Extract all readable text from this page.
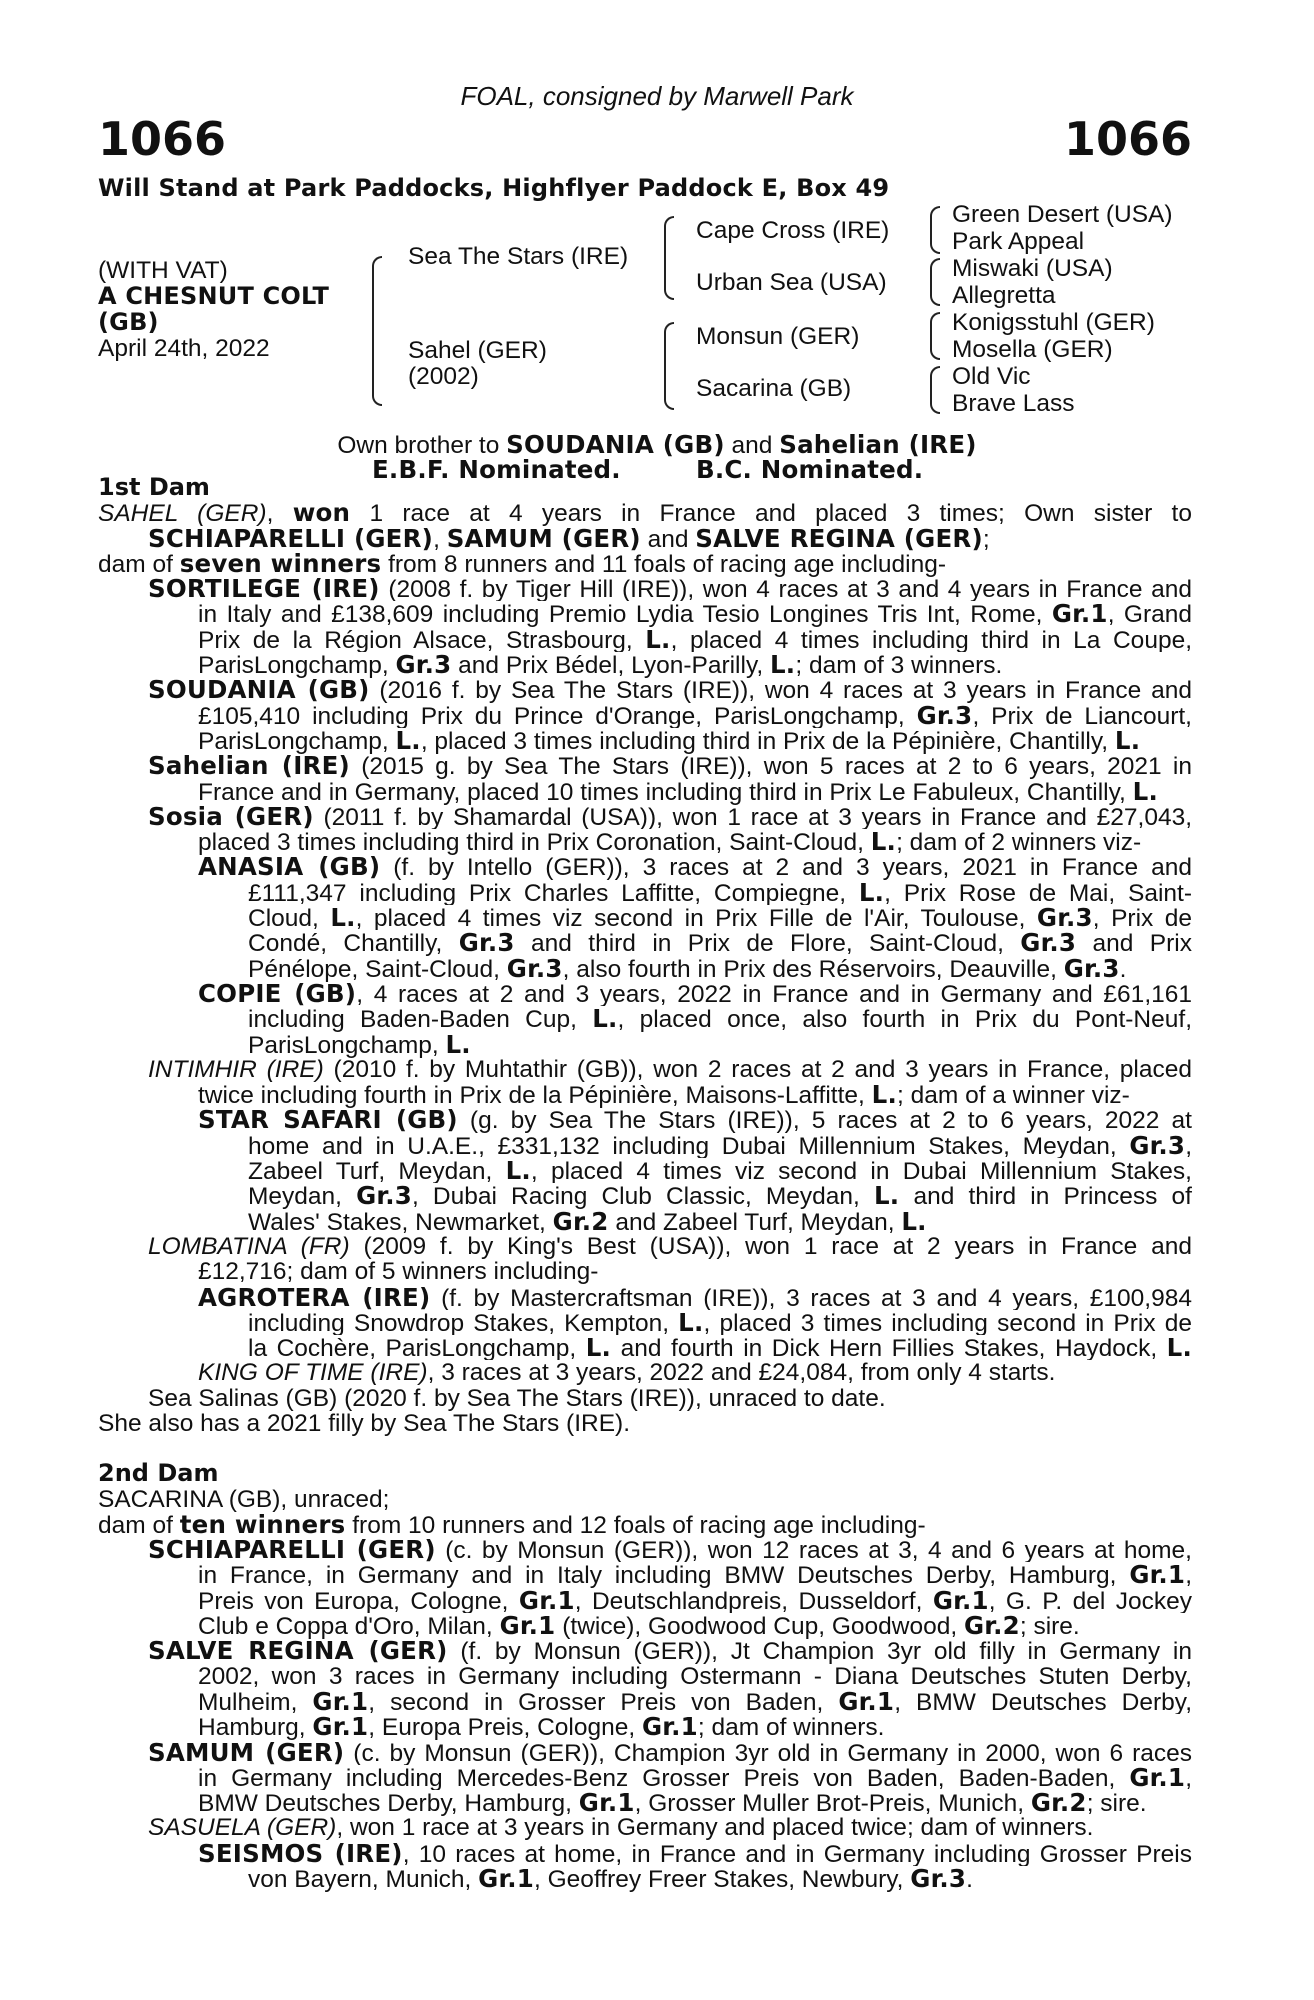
FOAL, consigned by Marwell Park
1066	1066
Will Stand at Park Paddocks, Highflyer Paddock E, Box 49
(WITH VAT)
A CHESNUT COLT
(GB)
April 24th, 2022
Sea The Stars (IRE)
Sahel (GER)
(2002)
Cape Cross (IRE)
Urban Sea (USA)
Monsun (GER)
Sacarina (GB)
Green Desert (USA)
Park Appeal
Miswaki (USA)
Allegretta
Konigsstuhl (GER)
Mosella (GER)
Old Vic
Brave Lass
Own brother to SOUDANIA (GB) and Sahelian (IRE)
E.B.F. Nominated.	B.C. Nominated.
1st Dam
SAHEL (GER), won 1 race at 4 years in France and placed 3 times; Own sister to
SCHIAPARELLI (GER), SAMUM (GER) and SALVE REGINA (GER);
dam of seven winners from 8 runners and 11 foals of racing age including-
SORTILEGE (IRE) (2008 f. by Tiger Hill (IRE)), won 4 races at 3 and 4 years in France and
in Italy and £138,609 including Premio Lydia Tesio Longines Tris Int, Rome, Gr.1, Grand
Prix de la Région Alsace, Strasbourg, L., placed 4 times including third in La Coupe,
ParisLongchamp, Gr.3 and Prix Bédel, Lyon-Parilly, L.; dam of 3 winners.
SOUDANIA (GB) (2016 f. by Sea The Stars (IRE)), won 4 races at 3 years in France and
£105,410 including Prix du Prince d'Orange, ParisLongchamp, Gr.3, Prix de Liancourt,
ParisLongchamp, L., placed 3 times including third in Prix de la Pépinière, Chantilly, L.
Sahelian (IRE) (2015 g. by Sea The Stars (IRE)), won 5 races at 2 to 6 years, 2021 in
France and in Germany, placed 10 times including third in Prix Le Fabuleux, Chantilly, L.
Sosia (GER) (2011 f. by Shamardal (USA)), won 1 race at 3 years in France and £27,043,
placed 3 times including third in Prix Coronation, Saint-Cloud, L.; dam of 2 winners viz-
ANASIA (GB) (f. by Intello (GER)), 3 races at 2 and 3 years, 2021 in France and
£111,347 including Prix Charles Laffitte, Compiegne, L., Prix Rose de Mai, Saint-
Cloud, L., placed 4 times viz second in Prix Fille de l'Air, Toulouse, Gr.3, Prix de
Condé, Chantilly, Gr.3 and third in Prix de Flore, Saint-Cloud, Gr.3 and Prix
Pénélope, Saint-Cloud, Gr.3, also fourth in Prix des Réservoirs, Deauville, Gr.3.
COPIE (GB), 4 races at 2 and 3 years, 2022 in France and in Germany and £61,161
including Baden-Baden Cup, L., placed once, also fourth in Prix du Pont-Neuf,
ParisLongchamp, L.
INTIMHIR (IRE) (2010 f. by Muhtathir (GB)), won 2 races at 2 and 3 years in France, placed
twice including fourth in Prix de la Pépinière, Maisons-Laffitte, L.; dam of a winner viz-
STAR SAFARI (GB) (g. by Sea The Stars (IRE)), 5 races at 2 to 6 years, 2022 at
home and in U.A.E., £331,132 including Dubai Millennium Stakes, Meydan, Gr.3,
Zabeel Turf, Meydan, L., placed 4 times viz second in Dubai Millennium Stakes,
Meydan, Gr.3, Dubai Racing Club Classic, Meydan, L. and third in Princess of
Wales' Stakes, Newmarket, Gr.2 and Zabeel Turf, Meydan, L.
LOMBATINA (FR) (2009 f. by King's Best (USA)), won 1 race at 2 years in France and
£12,716; dam of 5 winners including-
AGROTERA (IRE) (f. by Mastercraftsman (IRE)), 3 races at 3 and 4 years, £100,984
including Snowdrop Stakes, Kempton, L., placed 3 times including second in Prix de
la Cochère, ParisLongchamp, L. and fourth in Dick Hern Fillies Stakes, Haydock, L.
KING OF TIME (IRE), 3 races at 3 years, 2022 and £24,084, from only 4 starts.
Sea Salinas (GB) (2020 f. by Sea The Stars (IRE)), unraced to date.
She also has a 2021 filly by Sea The Stars (IRE).
2nd Dam
SACARINA (GB), unraced;
dam of ten winners from 10 runners and 12 foals of racing age including-
SCHIAPARELLI (GER) (c. by Monsun (GER)), won 12 races at 3, 4 and 6 years at home,
in France, in Germany and in Italy including BMW Deutsches Derby, Hamburg, Gr.1,
Preis von Europa, Cologne, Gr.1, Deutschlandpreis, Dusseldorf, Gr.1, G. P. del Jockey
Club e Coppa d'Oro, Milan, Gr.1 (twice), Goodwood Cup, Goodwood, Gr.2; sire.
SALVE REGINA (GER) (f. by Monsun (GER)), Jt Champion 3yr old filly in Germany in
2002, won 3 races in Germany including Ostermann - Diana Deutsches Stuten Derby,
Mulheim, Gr.1, second in Grosser Preis von Baden, Gr.1, BMW Deutsches Derby,
Hamburg, Gr.1, Europa Preis, Cologne, Gr.1; dam of winners.
SAMUM (GER) (c. by Monsun (GER)), Champion 3yr old in Germany in 2000, won 6 races
in Germany including Mercedes-Benz Grosser Preis von Baden, Baden-Baden, Gr.1,
BMW Deutsches Derby, Hamburg, Gr.1, Grosser Muller Brot-Preis, Munich, Gr.2; sire.
SASUELA (GER), won 1 race at 3 years in Germany and placed twice; dam of winners.
SEISMOS (IRE), 10 races at home, in France and in Germany including Grosser Preis
von Bayern, Munich, Gr.1, Geoffrey Freer Stakes, Newbury, Gr.3.
